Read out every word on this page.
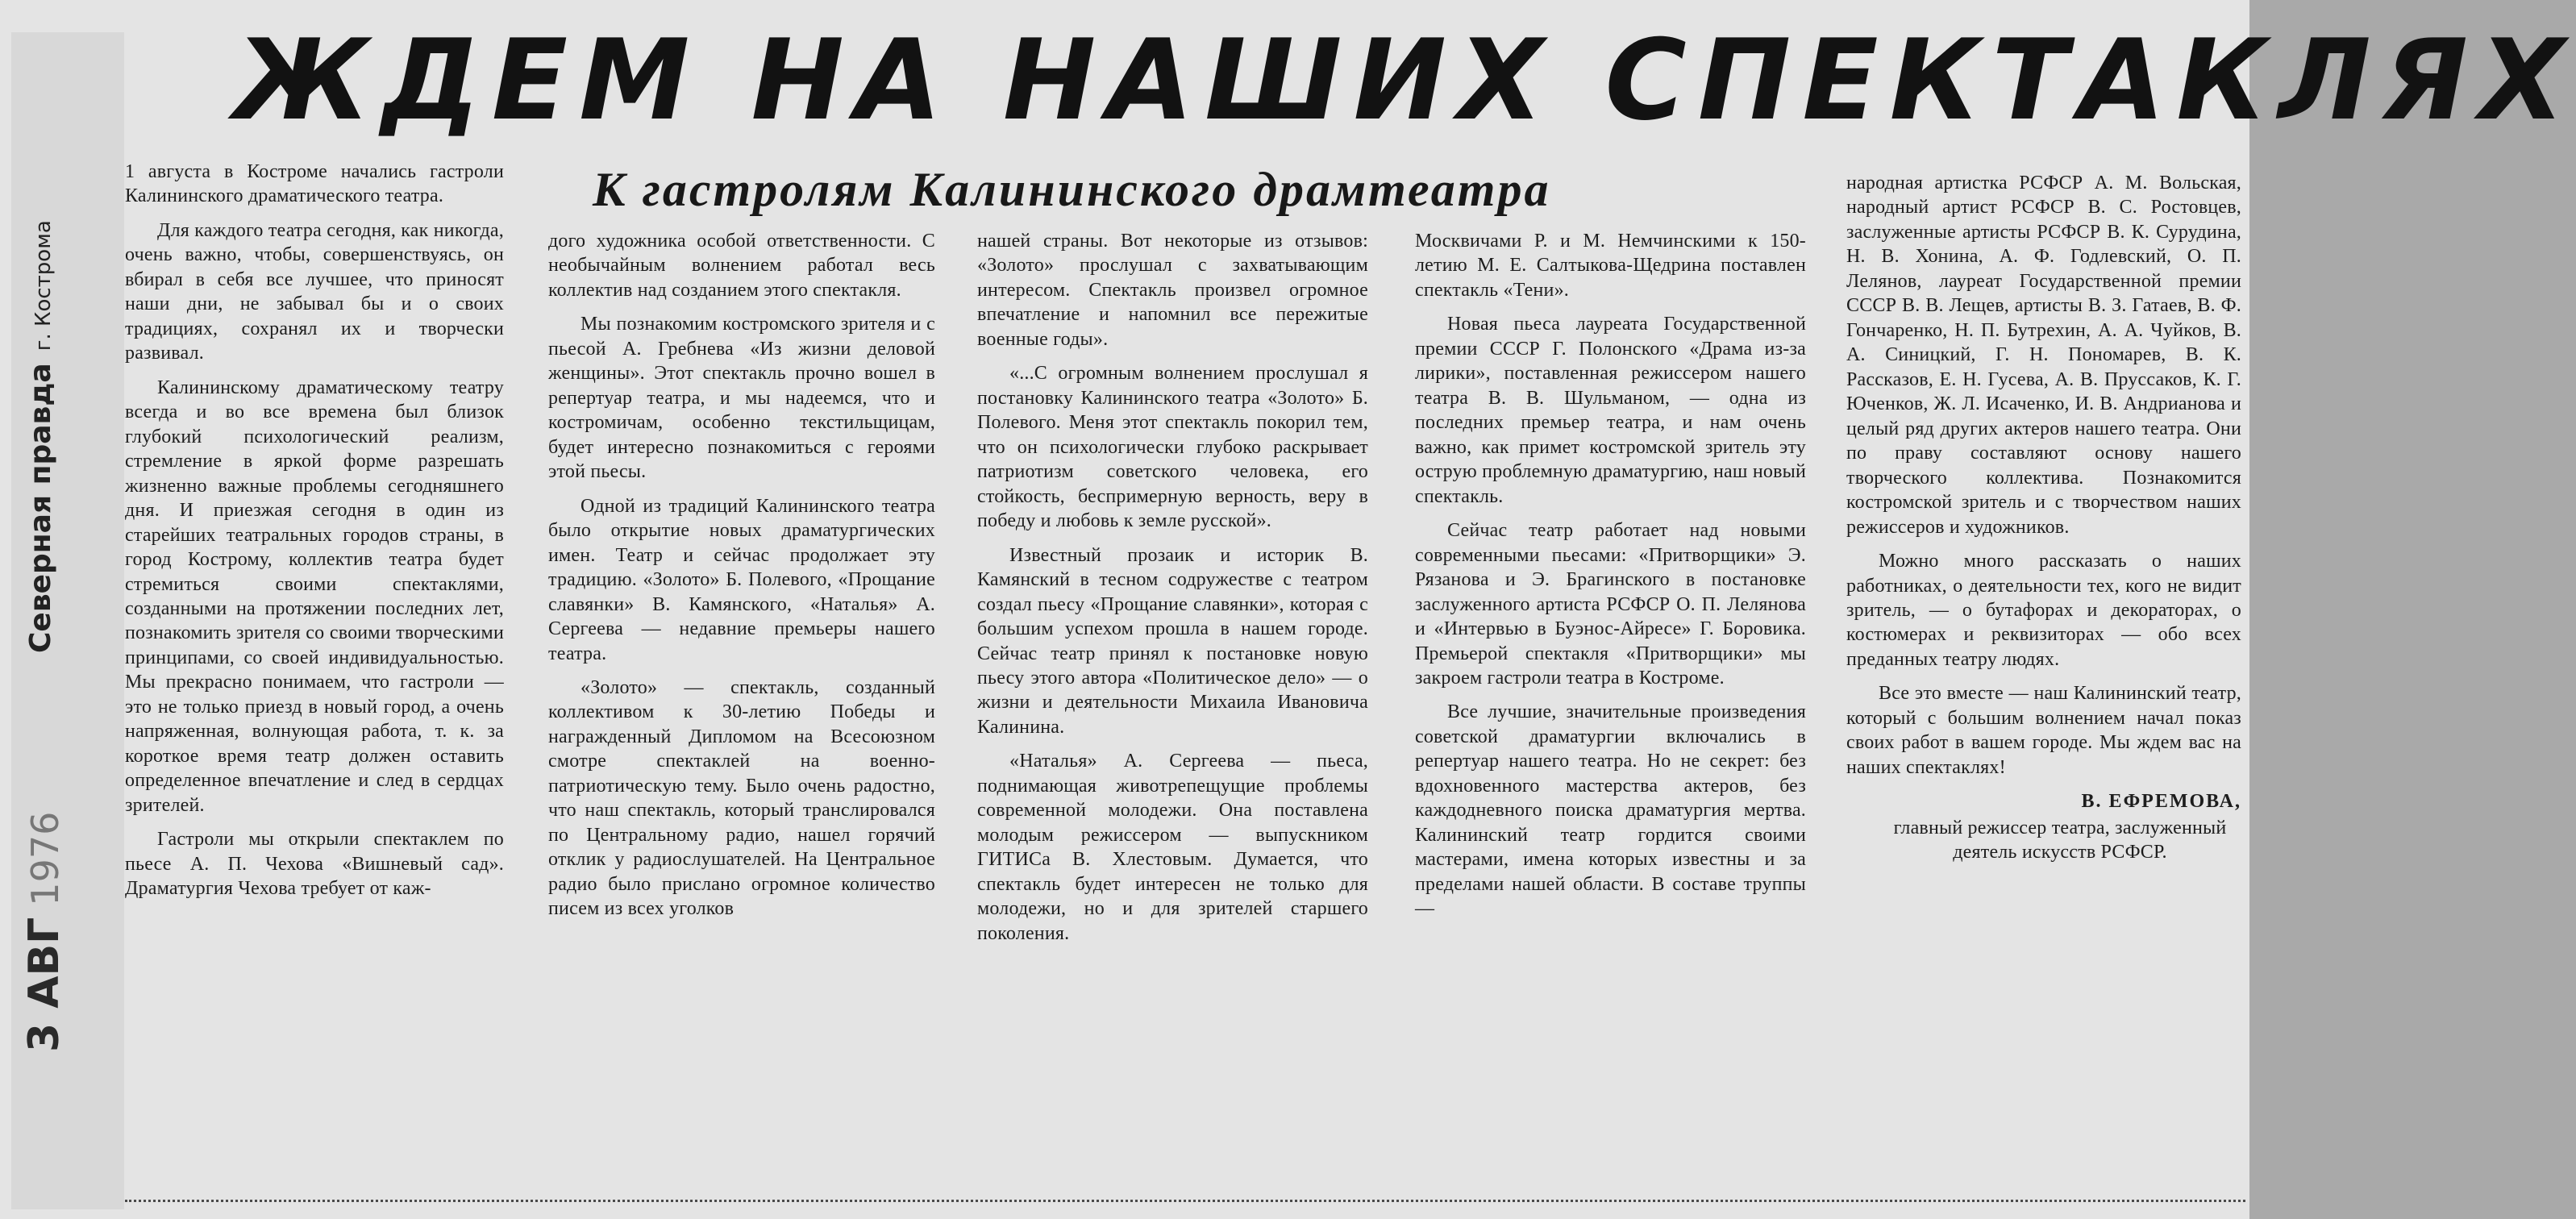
Северная правда г. Кострома
3 АВГ1976
ЖДЕМ НА НАШИХ СПЕКТАКЛЯХ
К гастролям Калининского драмтеатра

1 августа в Костроме начались гастроли Калининского драматического театра.

Для каждого театра сегодня, как никогда, очень важно, чтобы, совершенствуясь, он вбирал в себя все лучшее, что приносят наши дни, не забывал бы и о своих традициях, сохранял их и творчески развивал.

Калининскому драматическому театру всегда и во все времена был близок глубокий психологический реализм, стремление в яркой форме разрешать жизненно важные проблемы сегодняшнего дня. И приезжая сегодня в один из старейших театральных городов страны, в город Кострому, коллектив театра будет стремиться своими спектаклями, созданными на протяжении последних лет, познакомить зрителя со своими творческими принципами, со своей индивидуальностью. Мы прекрасно понимаем, что гастроли — это не только приезд в новый город, а очень напряженная, волнующая работа, т. к. за короткое время театр должен оставить определенное впечатление и след в сердцах зрителей.

Гастроли мы открыли спектаклем по пьесе А. П. Чехова «Вишневый сад». Драматургия Чехова требует от каж-

дого художника особой ответственности. С необычайным волнением работал весь коллектив над созданием этого спектакля.

Мы познакомим костромского зрителя и с пьесой А. Гребнева «Из жизни деловой женщины». Этот спектакль прочно вошел в репертуар театра, и мы надеемся, что и костромичам, особенно текстильщицам, будет интересно познакомиться с героями этой пьесы.

Одной из традиций Калининского театра было открытие новых драматургических имен. Театр и сейчас продолжает эту традицию. «Золото» Б. Полевого, «Прощание славянки» В. Камянского, «Наталья» А. Сергеева — недавние премьеры нашего театра.

«Золото» — спектакль, созданный коллективом к 30-летию Победы и награжденный Дипломом на Всесоюзном смотре спектаклей на военно-патриотическую тему. Было очень радостно, что наш спектакль, который транслировался по Центральному радио, нашел горячий отклик у радиослушателей. На Центральное радио было прислано огромное количество писем из всех уголков

нашей страны. Вот некоторые из отзывов: «Золото» прослушал с захватывающим интересом. Спектакль произвел огромное впечатление и напомнил все пережитые военные годы».

«...С огромным волнением прослушал я постановку Калининского театра «Золото» Б. Полевого. Меня этот спектакль покорил тем, что он психологически глубоко раскрывает патриотизм советского человека, его стойкость, беспримерную верность, веру в победу и любовь к земле русской».

Известный прозаик и историк В. Камянский в тесном содружестве с театром создал пьесу «Прощание славянки», которая с большим успехом прошла в нашем городе. Сейчас театр принял к постановке новую пьесу этого автора «Политическое дело» — о жизни и деятельности Михаила Ивановича Калинина.

«Наталья» А. Сергеева — пьеса, поднимающая животрепещущие проблемы современной молодежи. Она поставлена молодым режиссером — выпускником ГИТИСа В. Хлестовым. Думается, что спектакль будет интересен не только для молодежи, но и для зрителей старшего поколения.

Москвичами Р. и М. Немчинскими к 150-летию М. Е. Салтыкова-Щедрина поставлен спектакль «Тени».

Новая пьеса лауреата Государственной премии СССР Г. Полонского «Драма из-за лирики», поставленная режиссером нашего театра В. В. Шульманом, — одна из последних премьер театра, и нам очень важно, как примет костромской зритель эту острую проблемную драматургию, наш новый спектакль.

Сейчас театр работает над новыми современными пьесами: «Притворщики» Э. Рязанова и Э. Брагинского в постановке заслуженного артиста РСФСР О. П. Лелянова и «Интервью в Буэнос-Айресе» Г. Боровика. Премьерой спектакля «Притворщики» мы закроем гастроли театра в Костроме.

Все лучшие, значительные произведения советской драматургии включались в репертуар нашего театра. Но не секрет: без вдохновенного мастерства актеров, без каждодневного поиска драматургия мертва. Калининский театр гордится своими мастерами, имена которых известны и за пределами нашей области. В составе труппы —

народная артистка РСФСР А. М. Вольская, народный артист РСФСР В. С. Ростовцев, заслуженные артисты РСФСР В. К. Сурудина, Н. В. Хонина, А. Ф. Годлевский, О. П. Лелянов, лауреат Государственной премии СССР В. В. Лещев, артисты В. З. Гатаев, В. Ф. Гончаренко, Н. П. Бутрехин, А. А. Чуйков, В. А. Синицкий, Г. Н. Пономарев, В. К. Рассказов, Е. Н. Гусева, А. В. Пруссаков, К. Г. Юченков, Ж. Л. Исаченко, И. В. Андрианова и целый ряд других актеров нашего театра. Они по праву составляют основу нашего творческого коллектива. Познакомится костромской зритель и с творчеством наших режиссеров и художников.

Можно много рассказать о наших работниках, о деятельности тех, кого не видит зритель, — о бутафорах и декораторах, о костюмерах и реквизиторах — обо всех преданных театру людях.

Все это вместе — наш Калининский театр, который с большим волнением начал показ своих работ в вашем городе. Мы ждем вас на наших спектаклях!

В. ЕФРЕМОВА,
главный режиссер театра, заслуженный деятель искусств РСФСР.
